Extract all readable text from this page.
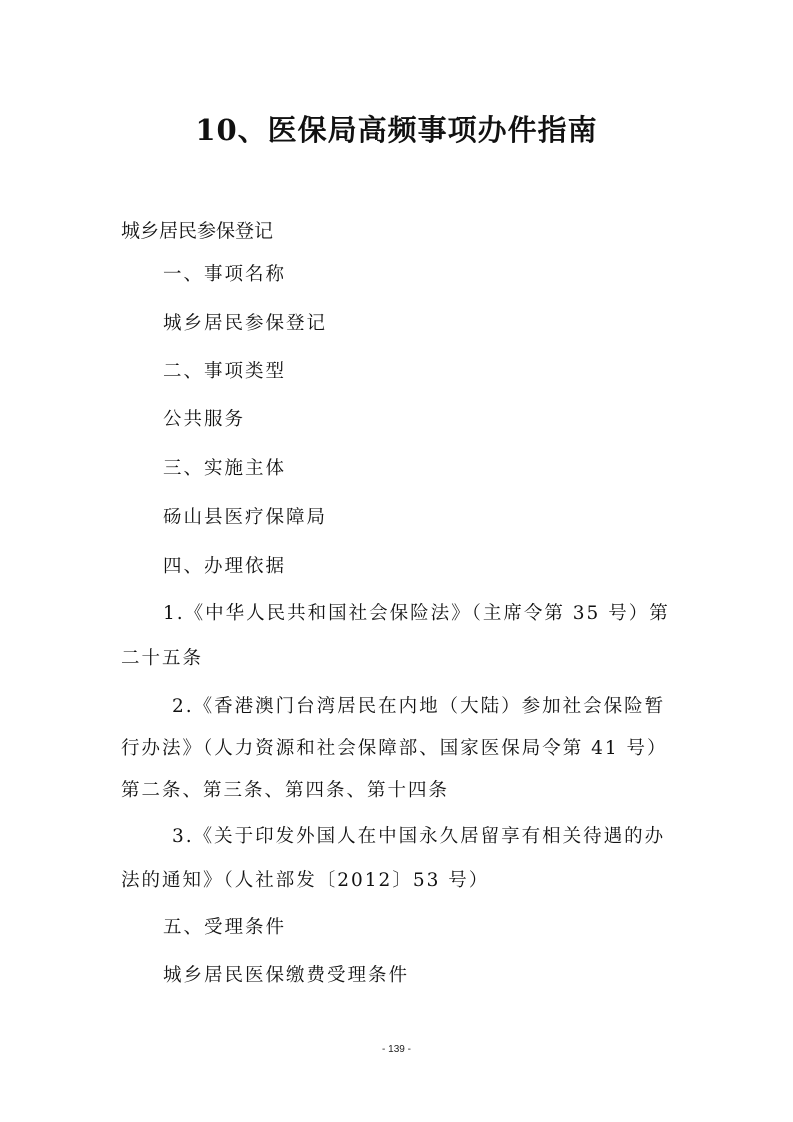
10、医保局高频事项办件指南
城乡居民参保登记
一、事项名称
城乡居民参保登记
二、事项类型
公共服务
三、实施主体
砀山县医疗保障局
四、办理依据
1.《中华人民共和国社会保险法》（主席令第 35 号）第
二十五条
2.《香港澳门台湾居民在内地（大陆）参加社会保险暂
行办法》（人力资源和社会保障部、国家医保局令第 41 号）
第二条、第三条、第四条、第十四条
3.《关于印发外国人在中国永久居留享有相关待遇的办
法的通知》（人社部发〔2012〕53 号）
五、受理条件
城乡居民医保缴费受理条件
- 139 -
